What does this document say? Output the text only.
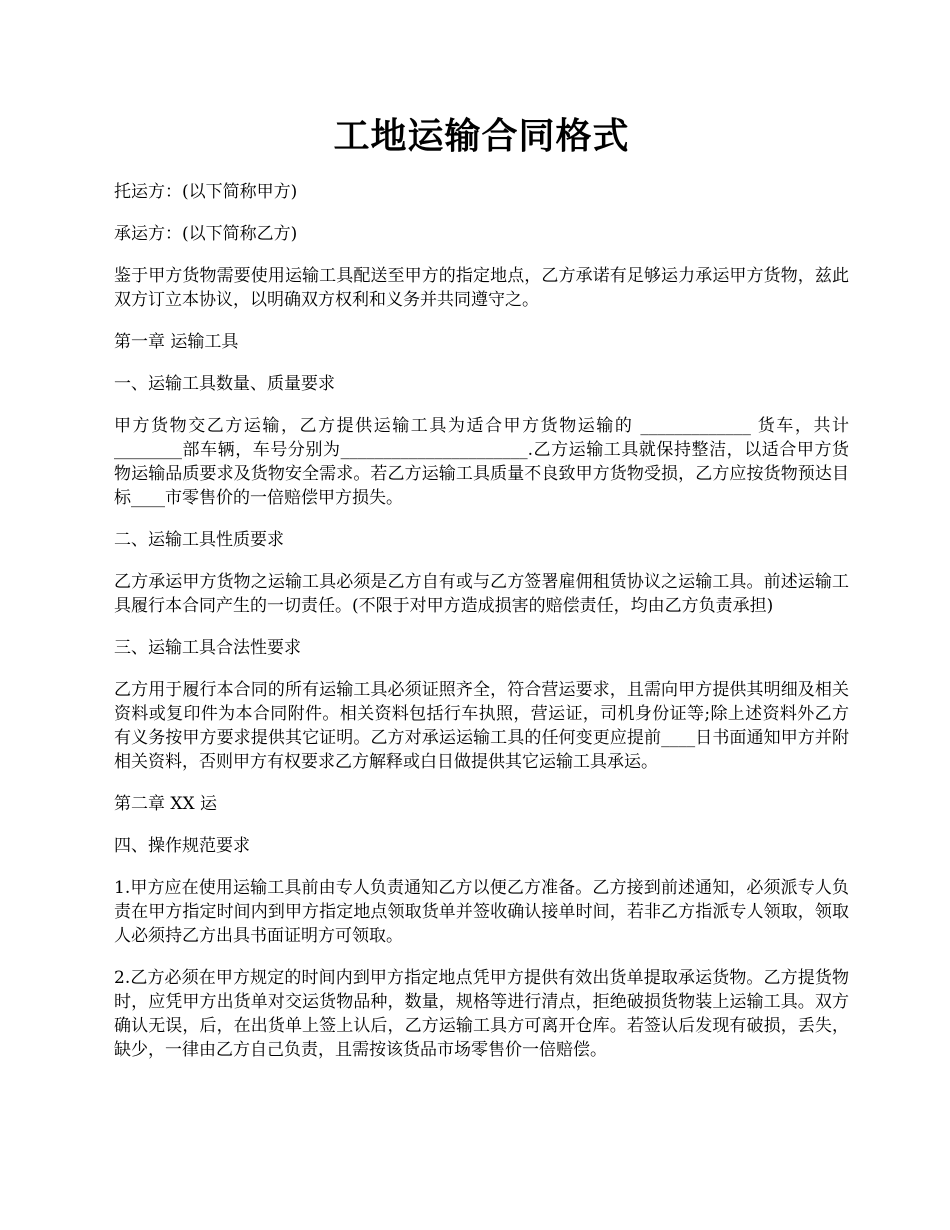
工地运输合同格式

托运方：(以下简称甲方)

承运方：(以下简称乙方)

鉴于甲方货物需要使用运输工具配送至甲方的指定地点，乙方承诺有足够运力承运甲方货物，兹此双方订立本协议，以明确双方权利和义务并共同遵守之。

第一章 运输工具

一、运输工具数量、质量要求

甲方货物交乙方运输，乙方提供运输工具为适合甲方货物运输的 _____________ 货车，共计 ________部车辆，车号分别为______________________.乙方运输工具就保持整洁，以适合甲方货物运输品质要求及货物安全需求。若乙方运输工具质量不良致甲方货物受损，乙方应按货物预达目标____市零售价的一倍赔偿甲方损失。

二、运输工具性质要求

乙方承运甲方货物之运输工具必须是乙方自有或与乙方签署雇佣租赁协议之运输工具。前述运输工具履行本合同产生的一切责任。(不限于对甲方造成损害的赔偿责任，均由乙方负责承担)

三、运输工具合法性要求

乙方用于履行本合同的所有运输工具必须证照齐全，符合营运要求，且需向甲方提供其明细及相关资料或复印件为本合同附件。相关资料包括行车执照，营运证，司机身份证等;除上述资料外乙方有义务按甲方要求提供其它证明。乙方对承运运输工具的任何变更应提前____日书面通知甲方并附相关资料，否则甲方有权要求乙方解释或白日做提供其它运输工具承运。

第二章 XX 运

四、操作规范要求

1.甲方应在使用运输工具前由专人负责通知乙方以便乙方准备。乙方接到前述通知，必须派专人负责在甲方指定时间内到甲方指定地点领取货单并签收确认接单时间，若非乙方指派专人领取，领取人必须持乙方出具书面证明方可领取。

2.乙方必须在甲方规定的时间内到甲方指定地点凭甲方提供有效出货单提取承运货物。乙方提货物时，应凭甲方出货单对交运货物品种，数量，规格等进行清点，拒绝破损货物装上运输工具。双方确认无误，后，在出货单上签上认后，乙方运输工具方可离开仓库。若签认后发现有破损，丢失，缺少，一律由乙方自己负责，且需按该货品市场零售价一倍赔偿。
